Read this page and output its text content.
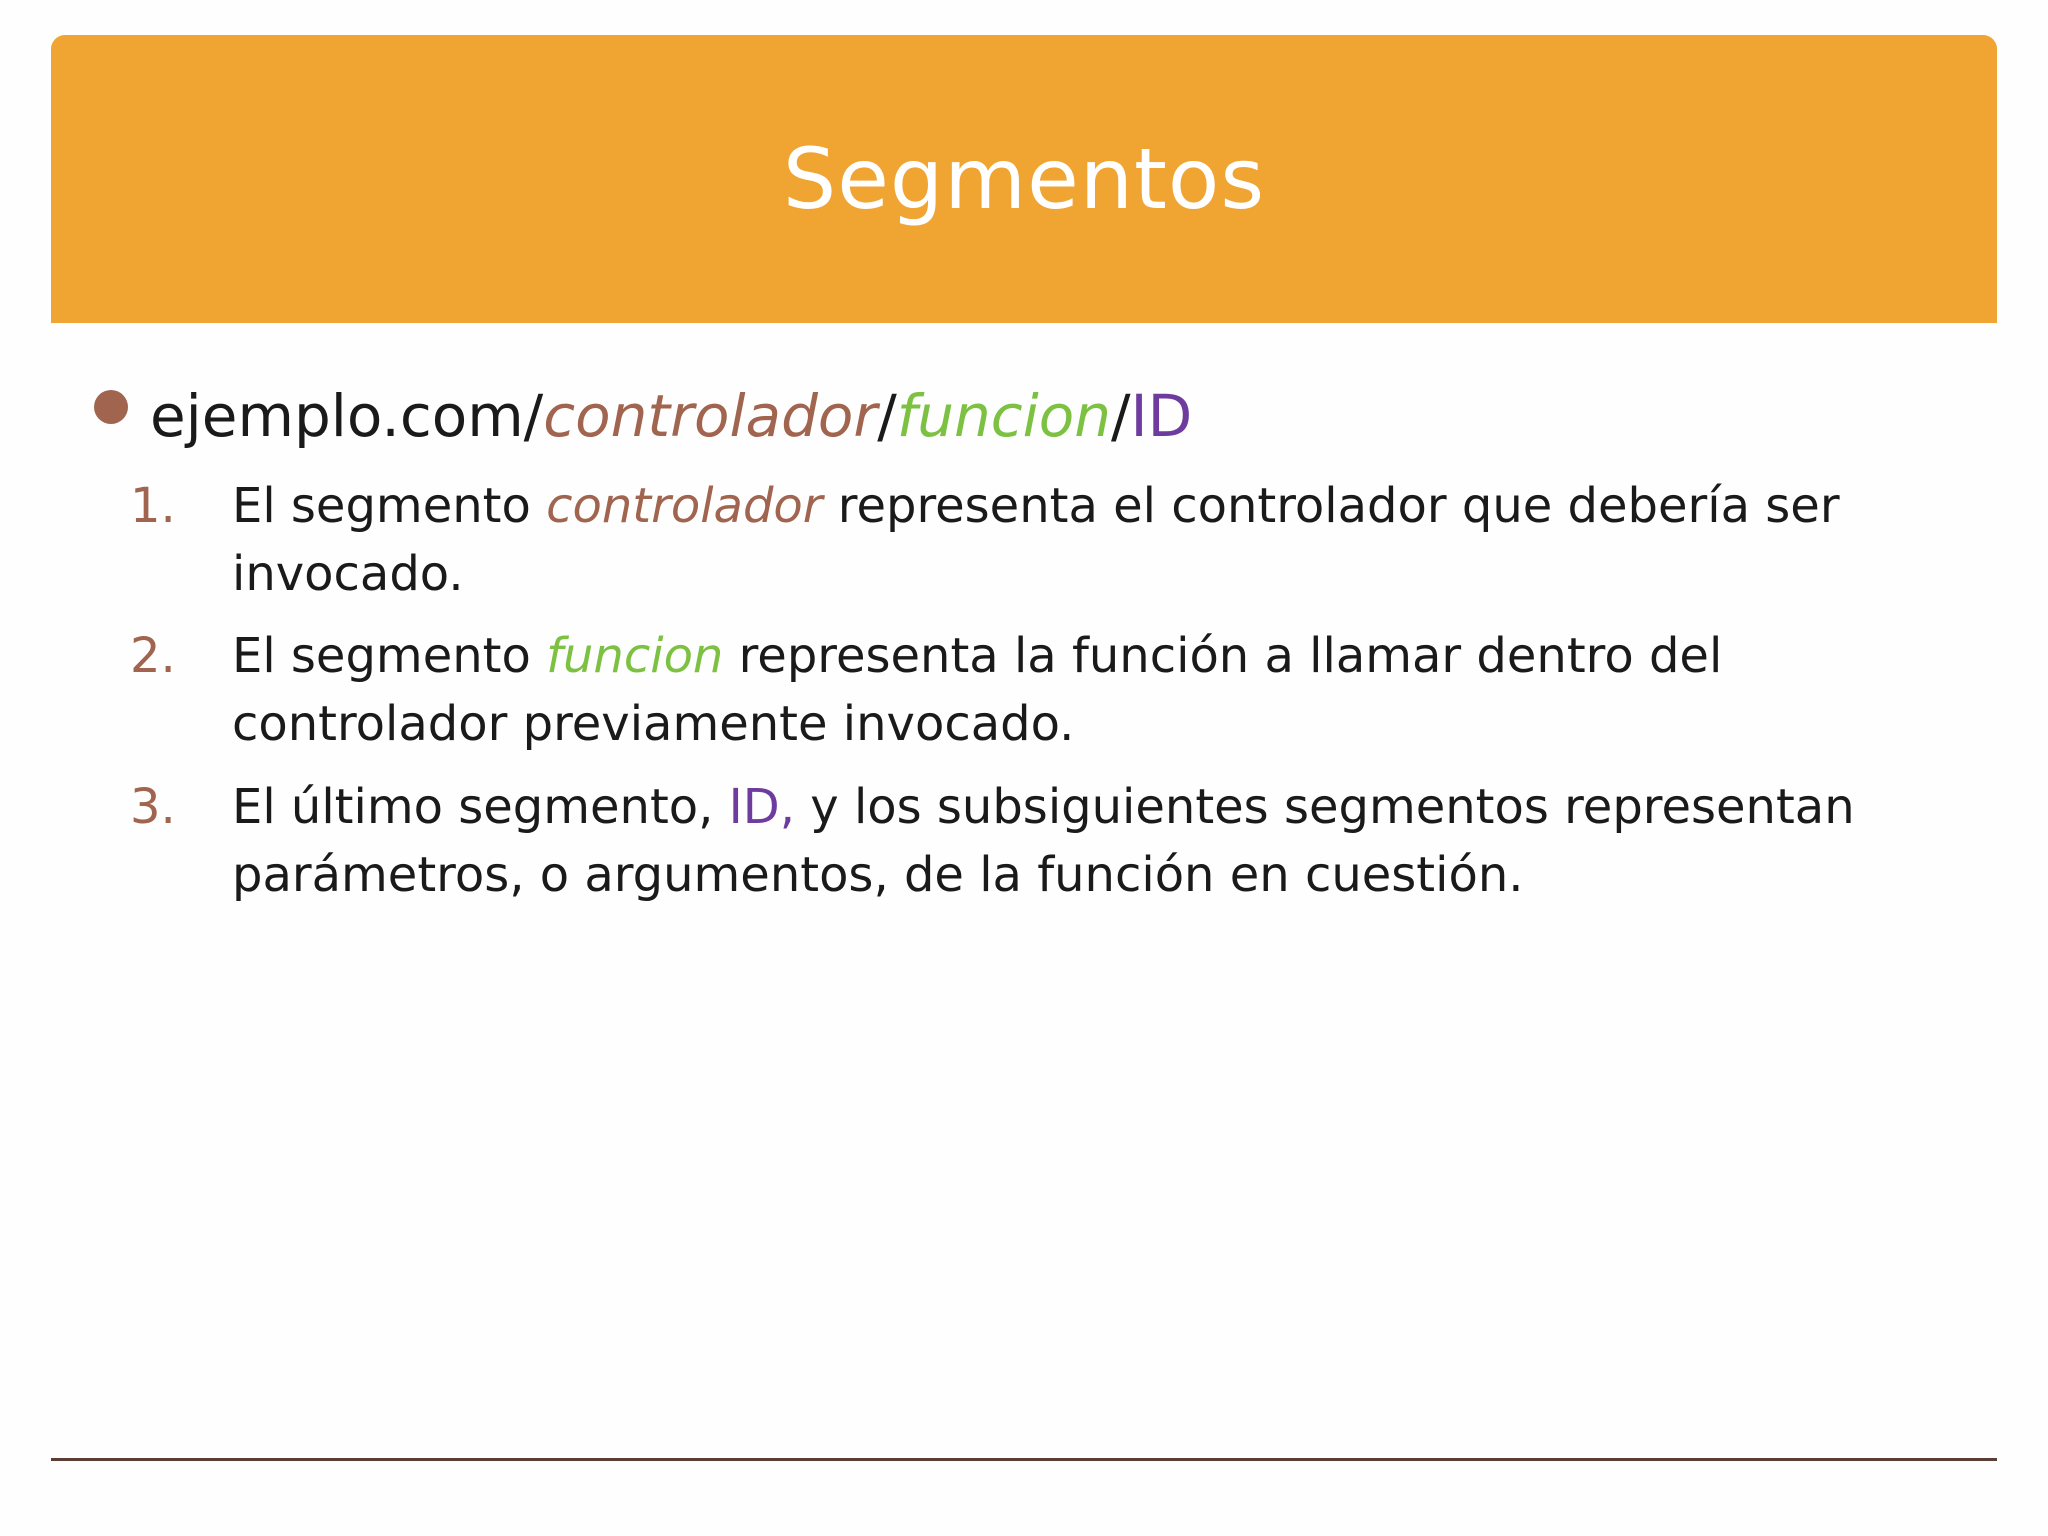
Segmentos
ejemplo.com/controlador/funcion/ID
1. El segmento controlador representa el controlador que debería ser invocado.
2. El segmento funcion representa la función a llamar dentro del controlador previamente invocado.
3. El último segmento, ID, y los subsiguientes segmentos representan parámetros, o argumentos, de la función en cuestión.
